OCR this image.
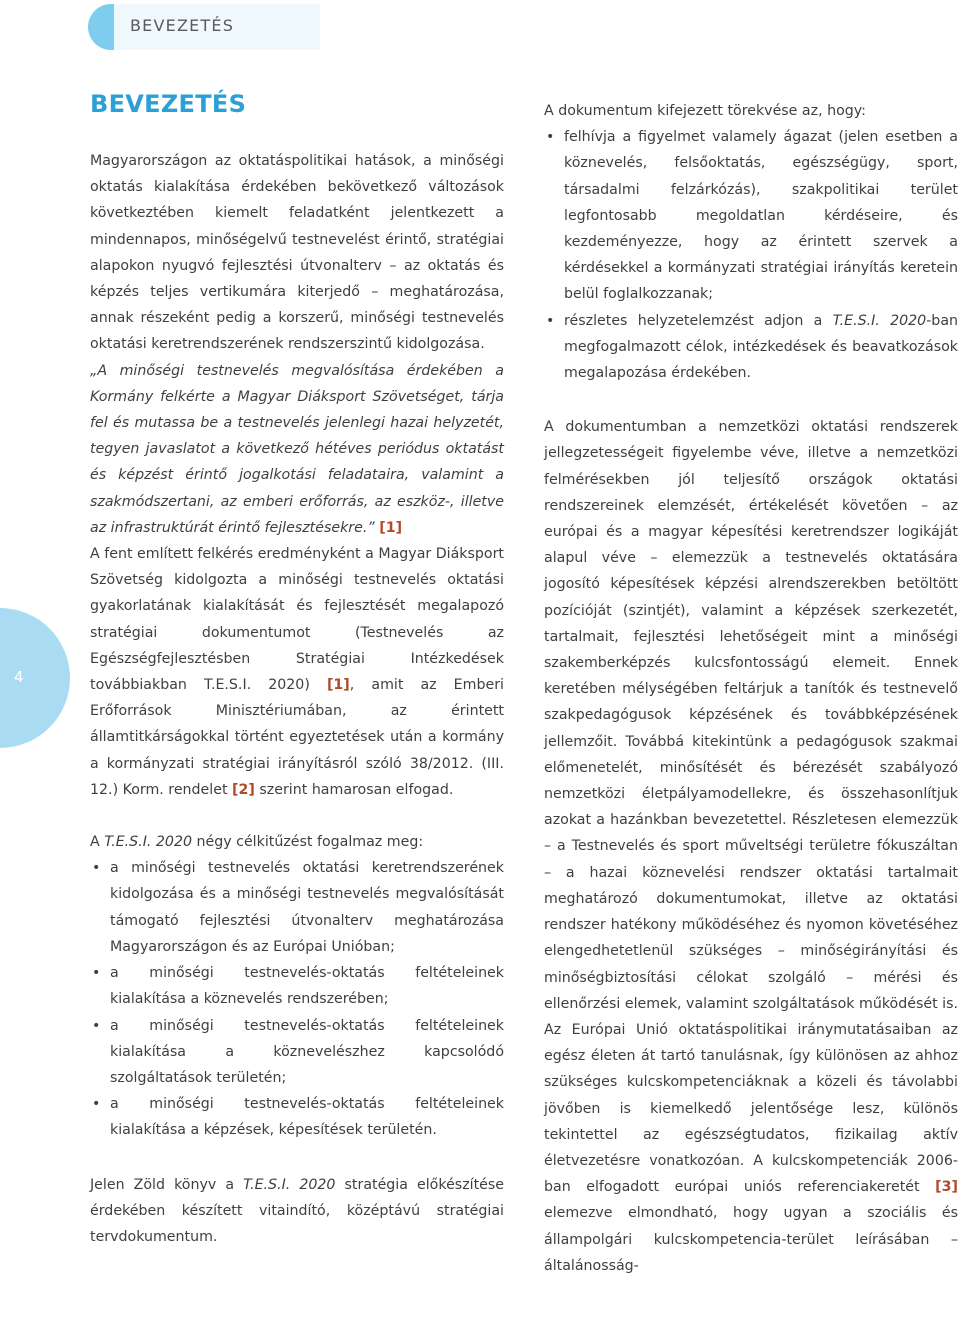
BEVEZETÉS
4
BEVEZETÉS

Magyarországon az oktatáspolitikai hatások, a minőségi oktatás kialakítása érdekében bekövetkező változások következtében kiemelt feladatként jelentkezett a mindennapos, minőségelvű testnevelést érintő, stratégiai alapokon nyugvó fejlesztési útvonalterv – az oktatás és képzés teljes vertikumára kiterjedő – meghatározása, annak részeként pedig a korszerű, minőségi testnevelés oktatási keretrendszerének rendszerszintű kidolgozása.

„A minőségi testnevelés megvalósítása érdekében a Kormány felkérte a Magyar Diáksport Szövetséget, tárja fel és mutassa be a testnevelés jelenlegi hazai helyzetét, tegyen javaslatot a következő hétéves periódus oktatást és képzést érintő jogalkotási feladataira, valamint a szakmódszertani, az emberi erőforrás, az eszköz-, illetve az infrastruktúrát érintő fejlesztésekre.” [1]

A fent említett felkérés eredményként a Magyar Diáksport Szövetség kidolgozta a minőségi testnevelés oktatási gyakorlatának kialakítását és fejlesztését megalapozó stratégiai dokumentumot (Testnevelés az Egészségfejlesztésben Stratégiai Intézkedések továbbiakban T.E.S.I. 2020) [1], amit az Emberi Erőforrások Minisztériumában, az érintett államtitkárságokkal történt egyeztetések után a kormány a kormányzati stratégiai irányításról szóló 38/2012. (III. 12.) Korm. rendelet [2] szerint hamarosan elfogad.

A T.E.S.I. 2020 négy célkitűzést fogalmaz meg:

• a minőségi testnevelés oktatási keretrendszerének kidolgozása és a minőségi testnevelés megvalósítását támogató fejlesztési útvonalterv meghatározása Magyarországon és az Európai Unióban;
• a minőségi testnevelés-oktatás feltételeinek kialakítása a köznevelés rendszerében;
• a minőségi testnevelés-oktatás feltételeinek kialakítása a köznevelészhez kapcsolódó szolgáltatások területén;
• a minőségi testnevelés-oktatás feltételeinek kialakítása a képzések, képesítések területén.

Jelen Zöld könyv a T.E.S.I. 2020 stratégia előkészítése érdekében készített vitaindító, középtávú stratégiai tervdokumentum.

A dokumentum kifejezett törekvése az, hogy:

• felhívja a figyelmet valamely ágazat (jelen esetben a köznevelés, felsőoktatás, egészségügy, sport, társadalmi felzárkózás), szakpolitikai terület legfontosabb megoldatlan kérdéseire, és kezdeményezze, hogy az érintett szervek a kérdésekkel a kormányzati stratégiai irányítás keretein belül foglalkozzanak;
• részletes helyzetelemzést adjon a T.E.S.I. 2020-ban megfogalmazott célok, intézkedések és beavatkozások megalapozása érdekében.

A dokumentumban a nemzetközi oktatási rendszerek jellegzetességeit figyelembe véve, illetve a nemzetközi felmérésekben jól teljesítő országok oktatási rendszereinek elemzését, értékelését követően – az európai és a magyar képesítési keretrendszer logikáját alapul véve – elemezzük a testnevelés oktatására jogosító képesítések képzési alrendszerekben betöltött pozícióját (szintjét), valamint a képzések szerkezetét, tartalmait, fejlesztési lehetőségeit mint a minőségi szakemberképzés kulcsfontosságú elemeit. Ennek keretében mélységében feltárjuk a tanítók és testnevelő szakpedagógusok képzésének és továbbképzésének jellemzőit. Továbbá kitekintünk a pedagógusok szakmai előmenetelét, minősítését és bérezését szabályozó nemzetközi életpályamodellekre, és összehasonlítjuk azokat a hazánkban bevezetettel. Részletesen elemezzük – a Testnevelés és sport műveltségi területre fókuszáltan – a hazai köznevelési rendszer oktatási tartalmait meghatározó dokumentumokat, illetve az oktatási rendszer hatékony működéséhez és nyomon követéséhez elengedhetetlenül szükséges – minőségirányítási és minőségbiztosítási célokat szolgáló – mérési és ellenőrzési elemek, valamint szolgáltatások működését is.

Az Európai Unió oktatáspolitikai iránymutatásaiban az egész életen át tartó tanulásnak, így különösen az ahhoz szükséges kulcskompetenciáknak a közeli és távolabbi jövőben is kiemelkedő jelentősége lesz, különös tekintettel az egészségtudatos, fizikailag aktív életvezetésre vonatkozóan. A kulcskompetenciák 2006-ban elfogadott európai uniós referenciakeretét [3] elemezve elmondható, hogy ugyan a szociális és állampolgári kulcskompetencia-terület leírásában – általánosság-
